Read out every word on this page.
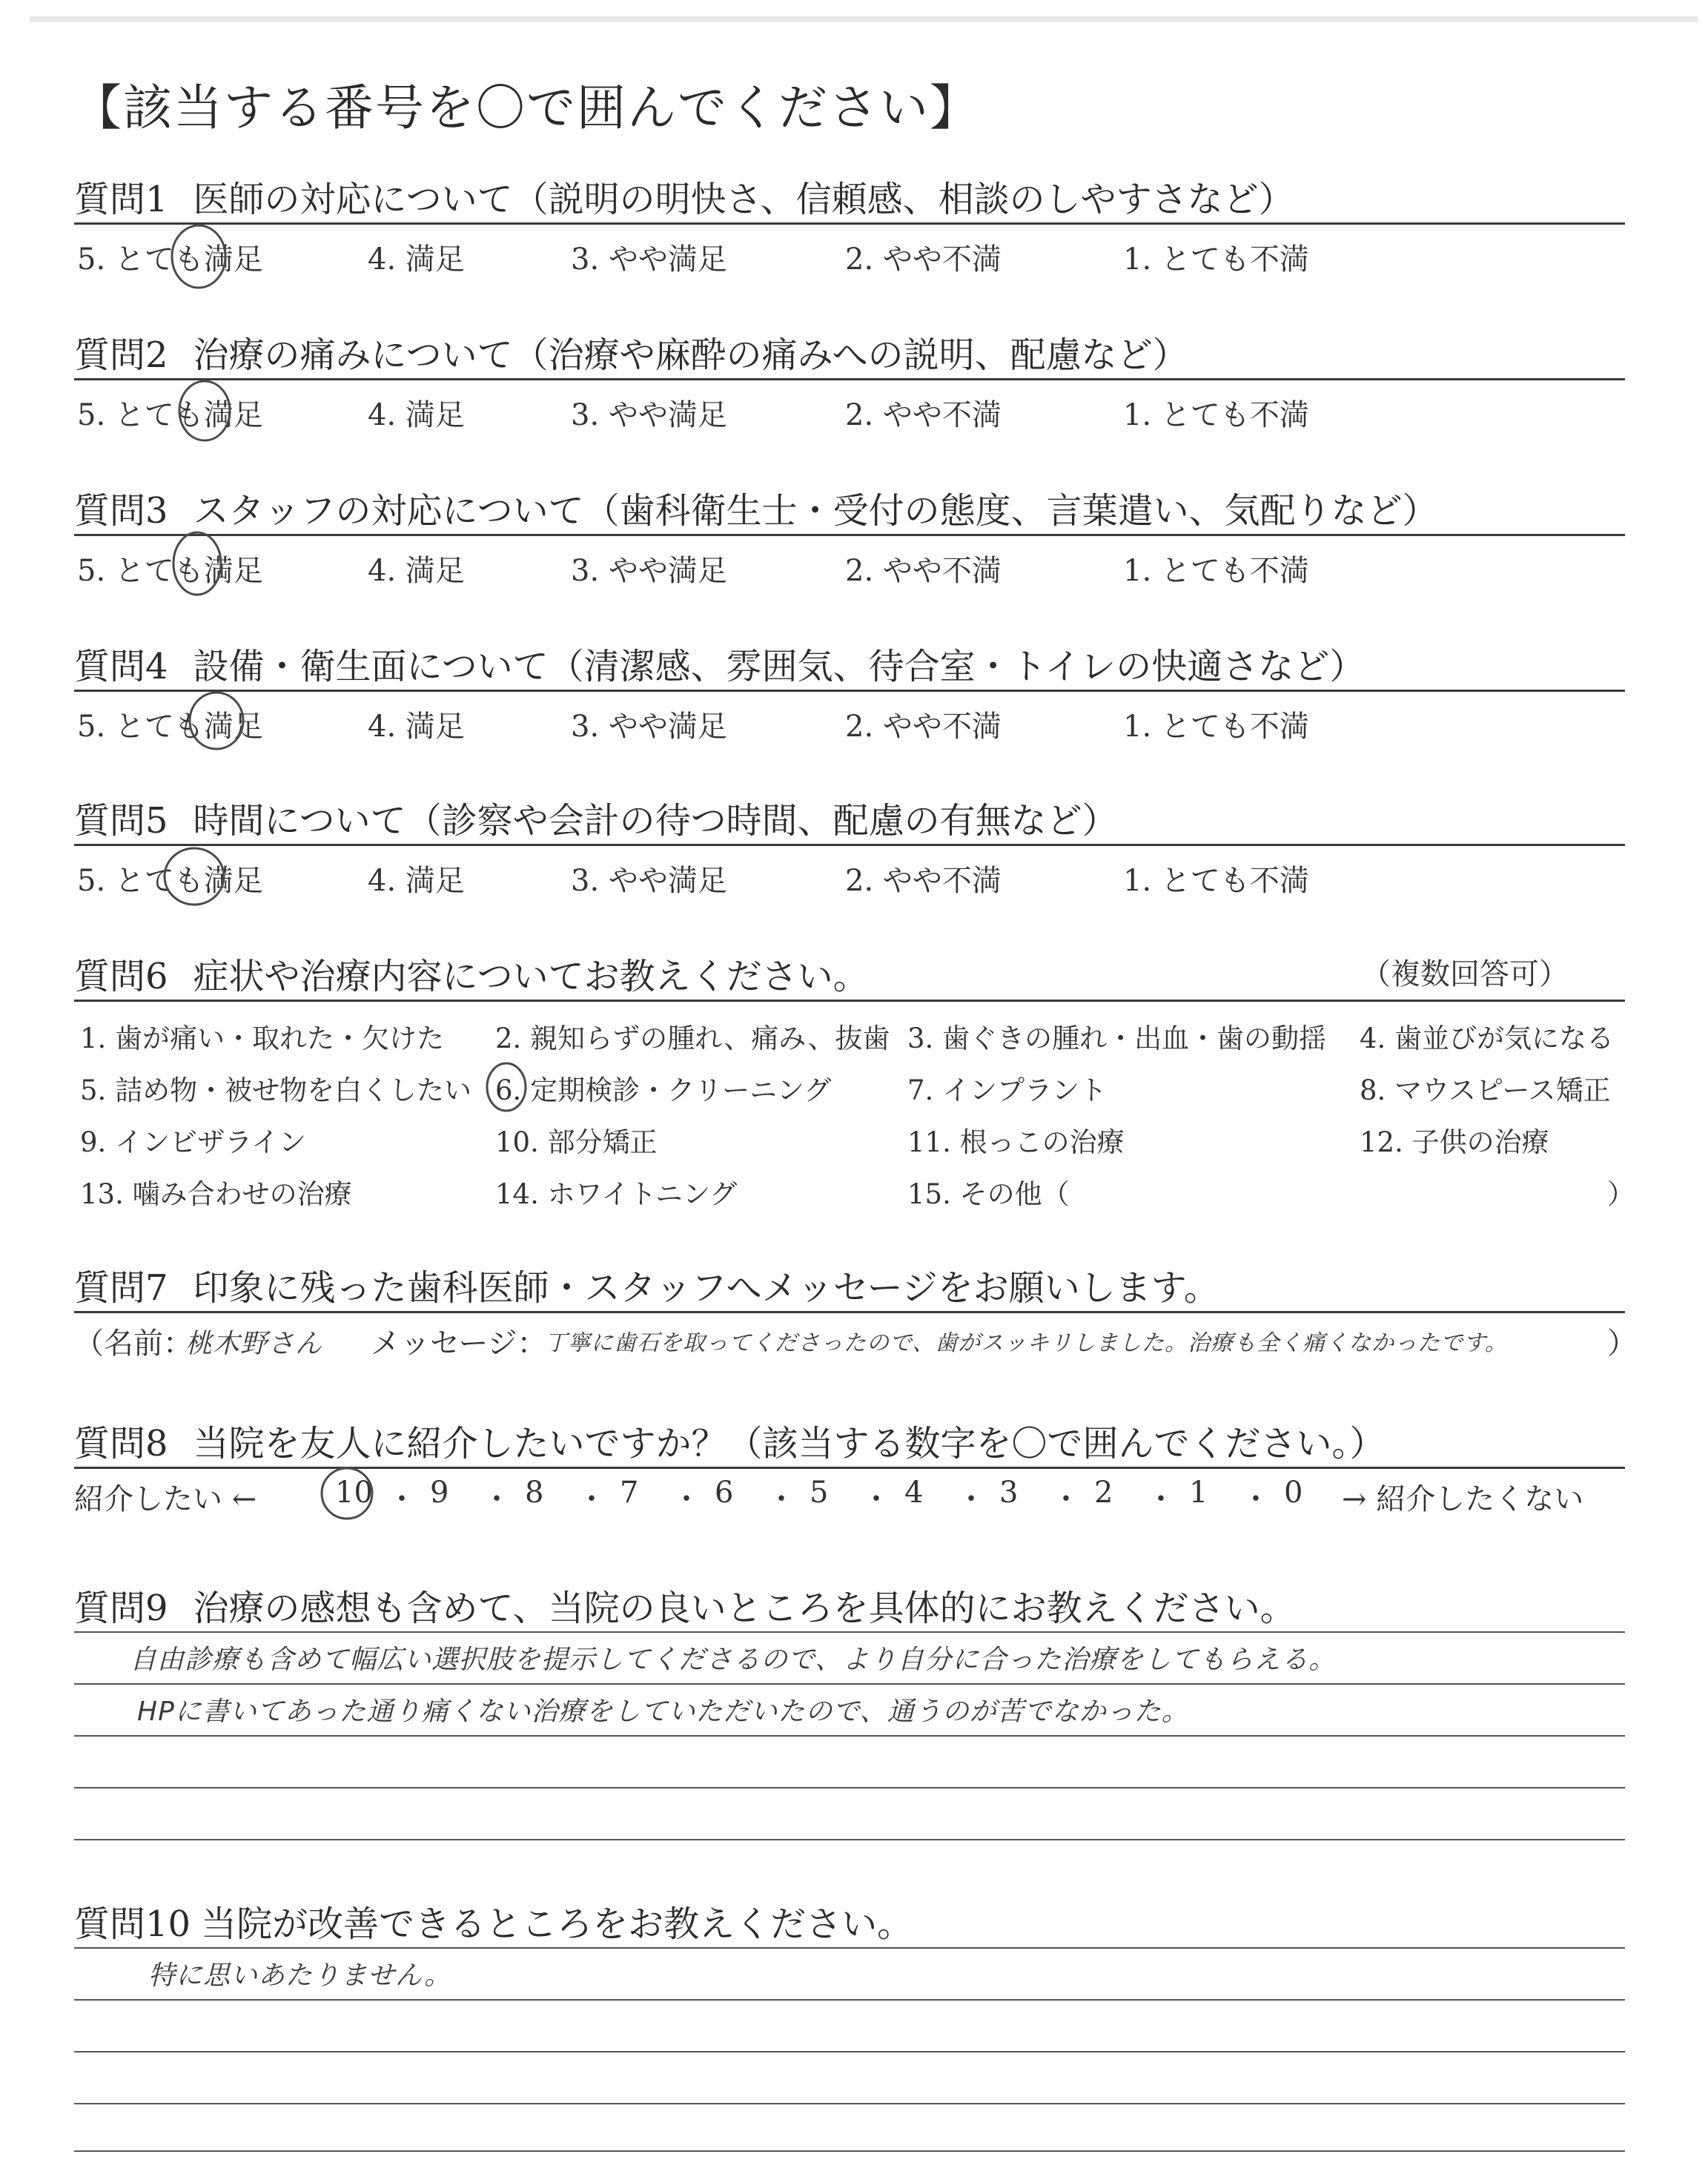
【該当する番号を〇で囲んでください】
質問1 医師の対応について（説明の明快さ、信頼感、相談のしやすさなど）
5. とても満足	4. 満足	3. やや満足	2. やや不満	1. とても不満
質問2 治療の痛みについて（治療や麻酔の痛みへの説明、配慮など）
5. とても満足	4. 満足	3. やや満足	2. やや不満	1. とても不満
質問3 スタッフの対応について（歯科衛生士・受付の態度、言葉遣い、気配りなど）
5. とても満足	4. 満足	3. やや満足	2. やや不満	1. とても不満
質問4 設備・衛生面について（清潔感、雰囲気、待合室・トイレの快適さなど）
5. とても満足	4. 満足	3. やや満足	2. やや不満	1. とても不満
質問5 時間について（診察や会計の待つ時間、配慮の有無など）
5. とても満足	4. 満足	3. やや満足	2. やや不満	1. とても不満
質問6 症状や治療内容についてお教えください。	（複数回答可）
1. 歯が痛い・取れた・欠けた 2. 親知らずの腫れ、痛み、抜歯 3. 歯ぐきの腫れ・出血・歯の動揺 4. 歯並びが気になる
5. 詰め物・被せ物を白くしたい 6. 定期検診・クリーニング	7. インプラント	8. マウスピース矯正
9. インビザライン	10. 部分矯正	11. 根っこの治療	12. 子供の治療
13. 噛み合わせの治療	14. ホワイトニング	15. その他（	）
質問7 印象に残った歯科医師・スタッフへメッセージをお願いします。
（名前：
桃木野さん メッセージ：
丁寧に歯石を取ってくださったので、歯がスッキリしました。治療も全く痛くなかったです。	）
質問8 当院を友人に紹介したいですか？（該当する数字を〇で囲んでください。）
紹介したい ←	→ 紹介したくない
10 ・ 9 ・ 8 ・ 7 ・ 6 ・ 5 ・ 4 ・ 3 ・ 2 ・ 1 ・ 0
質問9 治療の感想も含めて、当院の良いところを具体的にお教えください。
自由診療も含めて幅広い選択肢を提示してくださるので、より自分に合った治療をしてもらえる。
HPに書いてあった通り痛くない治療をしていただいたので、通うのが苦でなかった。
質問10 当院が改善できるところをお教えください。
特に思いあたりません。
